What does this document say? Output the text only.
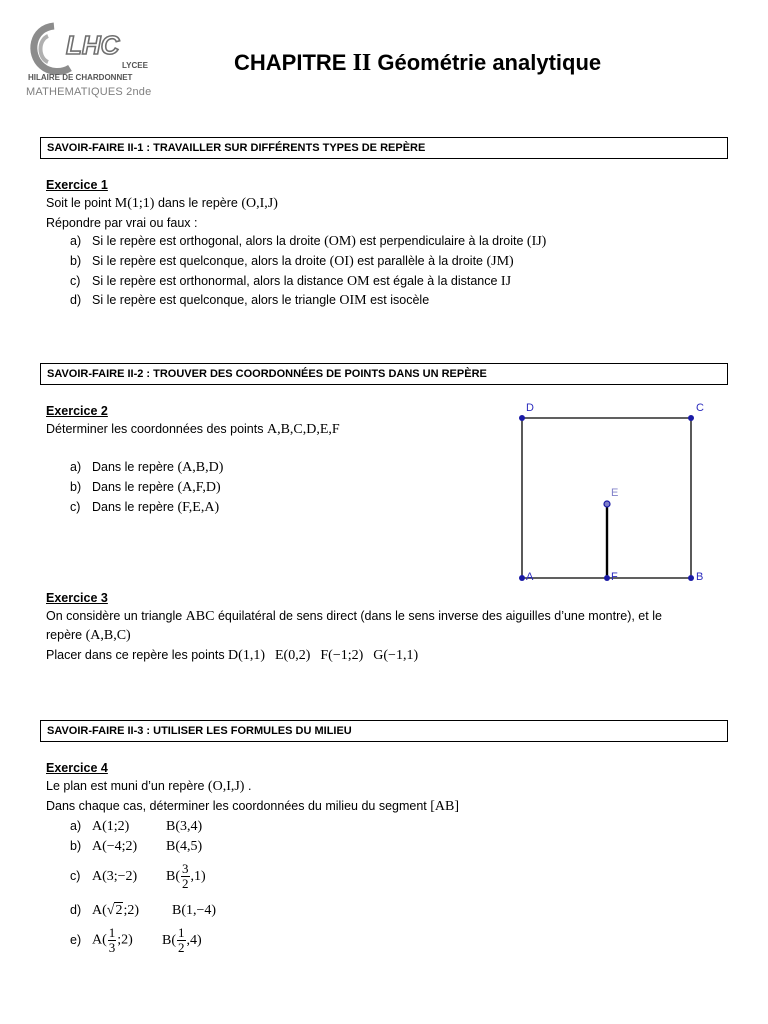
LHC
LYCEE
HILAIRE DE CHARDONNET
MATHEMATIQUES 2nde
CHAPITRE II Géométrie analytique
SAVOIR-FAIRE II-1 : TRAVAILLER SUR DIFFÉRENTS TYPES DE REPÈRE
Exercice 1
Soit le point M(1;1) dans le repère (O,I,J)
Répondre par vrai ou faux :
a) Si le repère est orthogonal, alors la droite (OM) est perpendiculaire à la droite (IJ)
b) Si le repère est quelconque, alors la droite (OI) est parallèle à la droite (JM)
c) Si le repère est orthonormal, alors la distance OM est égale à la distance IJ
d) Si le repère est quelconque, alors le triangle OIM est isocèle
SAVOIR-FAIRE II-2 : TROUVER DES COORDONNÉES DE POINTS DANS UN REPÈRE
Exercice 2
Déterminer les coordonnées des points A,B,C,D,E,F
a) Dans le repère (A,B,D)
b) Dans le repère (A,F,D)
c) Dans le repère (F,E,A)
D	C
E
A	F	B
Exercice 3
On considère un triangle ABC équilatéral de sens direct (dans le sens inverse des aiguilles d’une montre), et le
repère (A,B,C)
Placer dans ce repère les points D(1,1) E(0,2) F(−1;2) G(−1,1)
SAVOIR-FAIRE II-3 : UTILISER LES FORMULES DU MILIEU
Exercice 4
Le plan est muni d’un repère (O,I,J) .
Dans chaque cas, déterminer les coordonnées du milieu du segment [AB]
a) A(1;2)	B(3,4)
b) A(−4;2) B(4,5)
c) A(3;−2) $B( \frac{3}{2} ,1)$
d) A(√2;2) B(1,−4)
e) $A( \frac{1}{3}$ ;2) $B( \frac{1}{2} ,4)$
